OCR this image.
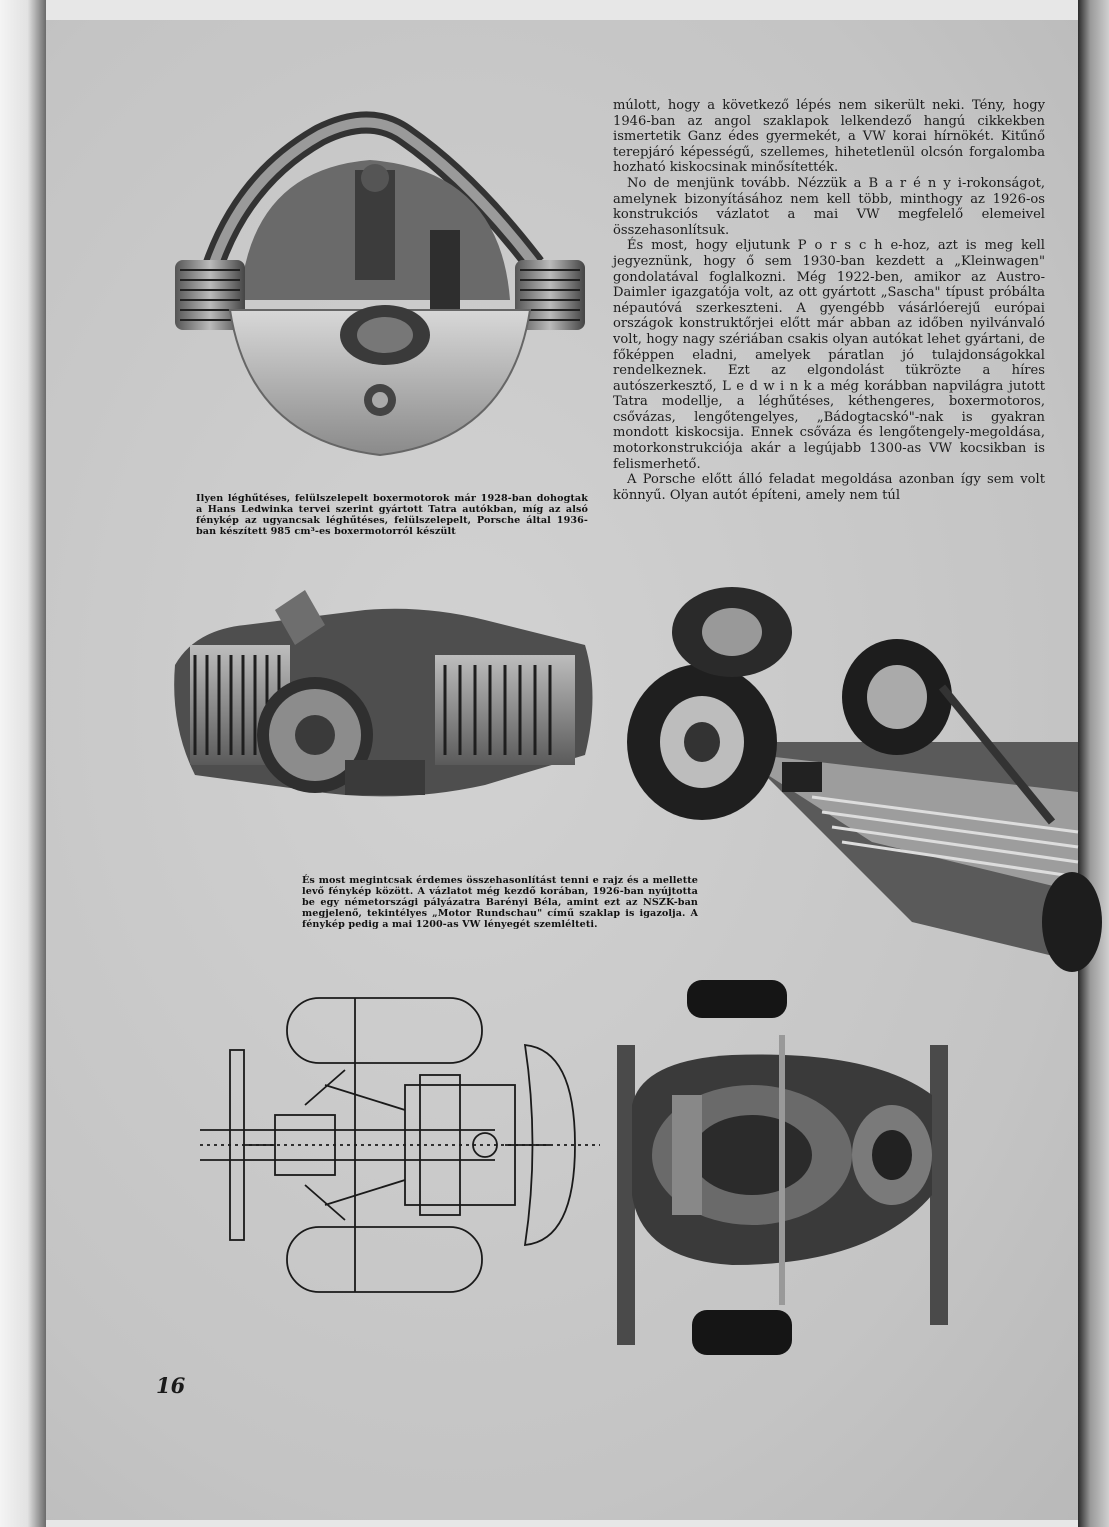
Ilyen léghűtéses, felülszelepelt boxermotorok már 1928-ban dohogtak a Hans Ledwinka tervei szerint gyártott Tatra autókban, míg az alsó fénykép az ugyancsak léghűtéses, felülszelepelt, Porsche által 1936-ban készített 985 cm³-es boxermotorról készült

És most megintcsak érdemes összehasonlítást tenni e rajz és a mellette levő fénykép között. A vázlatot még kezdő korában, 1926-ban nyújtotta be egy németországi pályázatra Barényi Béla, amint ezt az NSZK-ban megjelenő, tekintélyes „Motor Rundschau" című szaklap is igazolja. A fénykép pedig a mai 1200-as VW lényegét szemlélteti.

múlott, hogy a következő lépés nem sikerült neki. Tény, hogy 1946-ban az angol szaklapok lelkendező hangú cikkekben ismertetik Ganz édes gyermekét, a VW korai hírnökét. Kitűnő terepjáró képességű, szellemes, hihetetlenül olcsón forgalomba hozható kiskocsinak minősítették.

No de menjünk tovább. Nézzük a B a r é n y i-rokonságot, amelynek bizonyításához nem kell több, minthogy az 1926-os konstrukciós vázlatot a mai VW megfelelő elemeivel összehasonlítsuk.

És most, hogy eljutunk P o r s c h e-hoz, azt is meg kell jegyeznünk, hogy ő sem 1930-ban kezdett a „Kleinwagen" gondolatával foglalkozni. Még 1922-ben, amikor az Austro-Daimler igazgatója volt, az ott gyártott „Sascha" típust próbálta népautóvá szerkeszteni. A gyengébb vásárlóerejű európai országok konstruktőrjei előtt már abban az időben nyilvánvaló volt, hogy nagy szériában csakis olyan autókat lehet gyártani, de főképpen eladni, amelyek páratlan jó tulajdonságokkal rendelkeznek. Ezt az elgondolást tükrözte a híres autószerkesztő, L e d w i n k a még korábban napvilágra jutott Tatra modellje, a léghűtéses, kéthengeres, boxermotoros, csővázas, lengőtengelyes, „Bádogtacskó"-nak is gyakran mondott kiskocsija. Ennek csőváza és lengőtengely-megoldása, motorkonstrukciója akár a legújabb 1300-as VW kocsikban is felismerhető.

A Porsche előtt álló feladat megoldása azonban így sem volt könnyű. Olyan autót építeni, amely nem túl

16
